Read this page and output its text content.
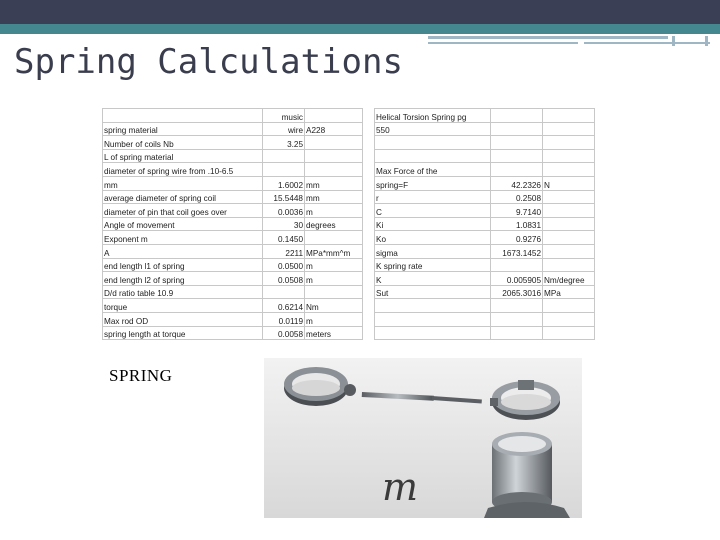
Spring Calculations
	music			Helical Torsion Spring pg		
spring material	wire	A228		550		
Number of coils Nb	3.25					
L of spring material						
diameter of spring wire from .10-6.5				Max Force of the		
mm	1.6002	mm		spring=F	42.2326	N
average diameter of spring coil	15.5448	mm		r	0.2508	
diameter of pin that coil goes over	0.0036	m		C	9.7140	
Angle of movement	30	degrees		Ki	1.0831	
Exponent m	0.1450			Ko	0.9276	
A	2211	MPa*mm^m		sigma	1673.1452	
end length l1 of spring	0.0500	m		K spring rate		
end length l2 of spring	0.0508	m		K	0.005905	Nm/degree
D/d ratio table 10.9				Sut	2065.3016	MPa
torque	0.6214	Nm				
Max rod OD	0.0119	m				
spring length at torque	0.0058	meters				
SPRING
m
